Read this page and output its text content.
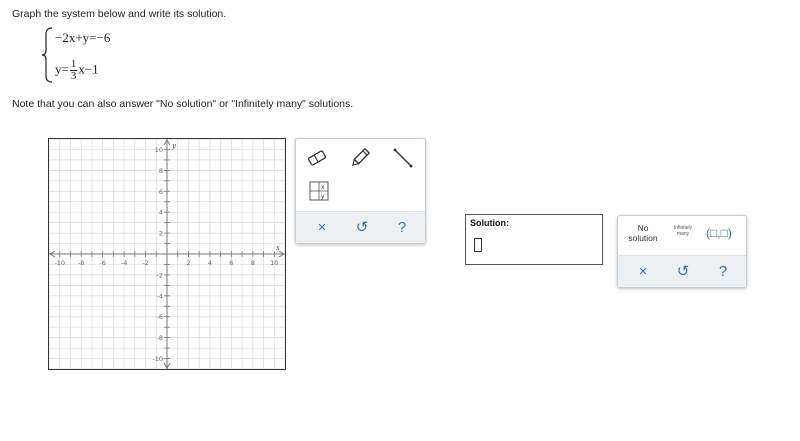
Graph the system below and write its solution.
−2x+y=−6
$y= \frac{1}{3} x-1$
Note that you can also answer "No solution" or "Infinitely many" solutions.
-10 -8 -6 -4 -2	2	4	6	8 10
10
8
6
4
2
-2
-4
-6
-8
-10
y
x
x
y
×	↺	?	Solution:	No solution
Infinitely many	(□,□)
×	↺	?
